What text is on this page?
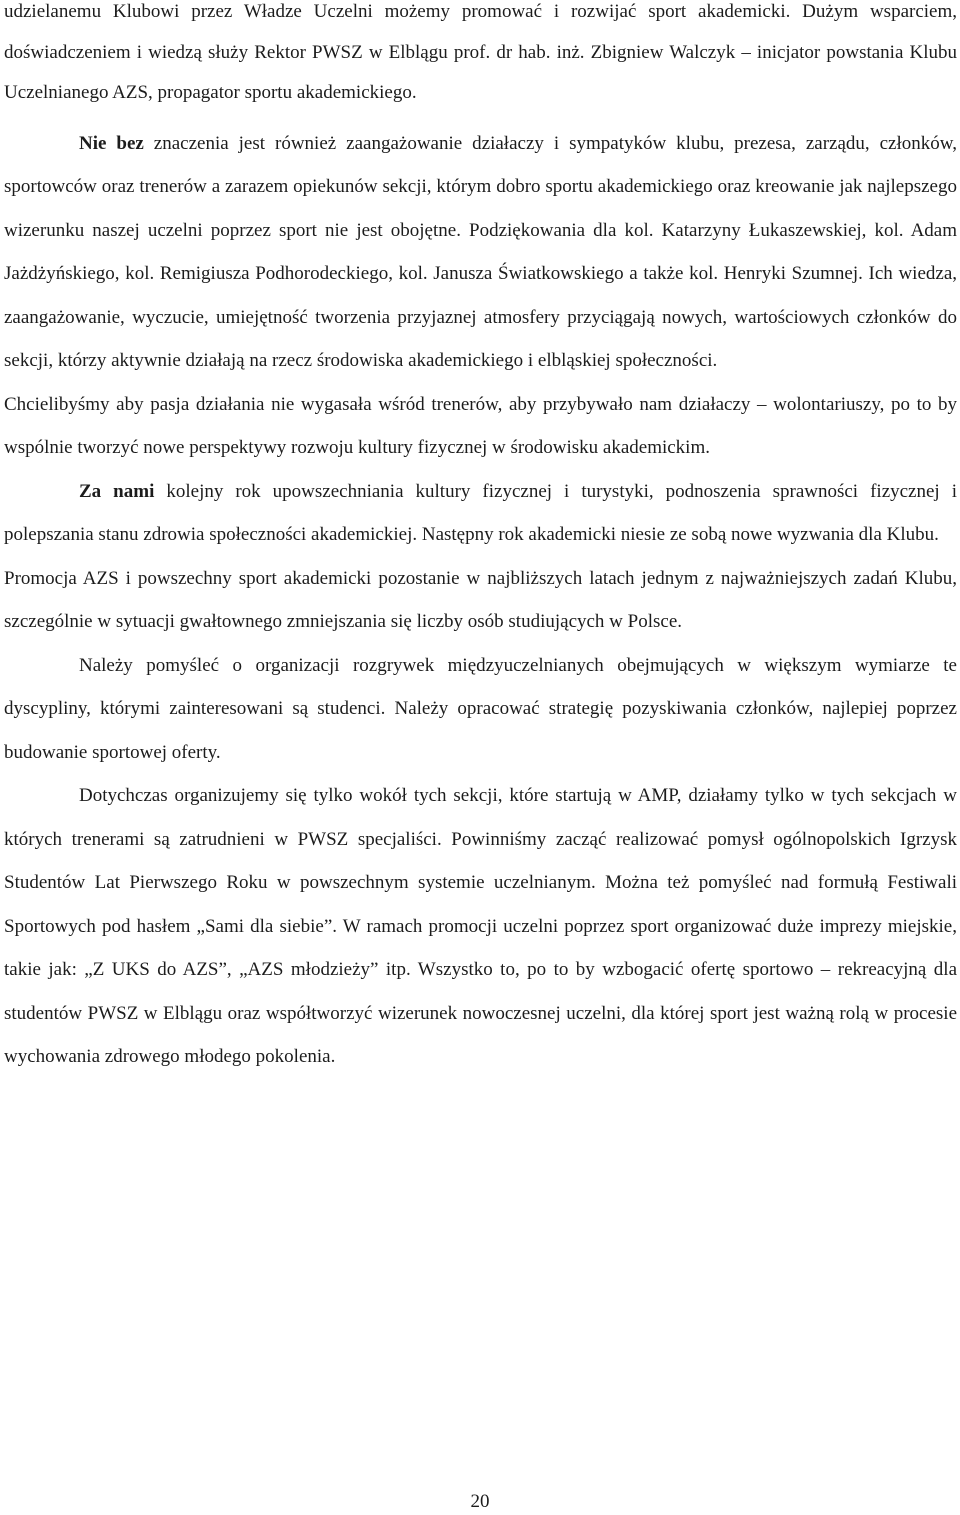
udzielanemu Klubowi przez Władze Uczelni możemy promować i rozwijać sport akademicki. Dużym wsparciem, doświadczeniem i wiedzą służy Rektor PWSZ w Elblągu prof. dr hab. inż. Zbigniew Walczyk – inicjator powstania Klubu Uczelnianego AZS, propagator sportu akademickiego.

Nie bez znaczenia jest również zaangażowanie działaczy i sympatyków klubu, prezesa, zarządu, członków, sportowców oraz trenerów a zarazem opiekunów sekcji, którym dobro sportu akademickiego oraz kreowanie jak najlepszego wizerunku naszej uczelni poprzez sport nie jest obojętne. Podziękowania dla kol. Katarzyny Łukaszewskiej, kol. Adam Jażdżyńskiego, kol. Remigiusza Podhorodeckiego, kol. Janusza Światkowskiego a także kol. Henryki Szumnej. Ich wiedza, zaangażowanie, wyczucie, umiejętność tworzenia przyjaznej atmosfery przyciągają nowych, wartościowych członków do sekcji, którzy aktywnie działają na rzecz środowiska akademickiego i elbląskiej społeczności.

Chcielibyśmy aby pasja działania nie wygasała wśród trenerów, aby przybywało nam działaczy – wolontariuszy, po to by wspólnie tworzyć nowe perspektywy rozwoju kultury fizycznej w środowisku akademickim.

Za nami kolejny rok upowszechniania kultury fizycznej i turystyki, podnoszenia sprawności fizycznej i polepszania stanu zdrowia społeczności akademickiej. Następny rok akademicki niesie ze sobą nowe wyzwania dla Klubu.

Promocja AZS i powszechny sport akademicki pozostanie w najbliższych latach jednym z najważniejszych zadań Klubu, szczególnie w sytuacji gwałtownego zmniejszania się liczby osób studiujących w Polsce.

Należy pomyśleć o organizacji rozgrywek międzyuczelnianych obejmujących w większym wymiarze te dyscypliny, którymi zainteresowani są studenci. Należy opracować strategię pozyskiwania członków, najlepiej poprzez budowanie sportowej oferty.

Dotychczas organizujemy się tylko wokół tych sekcji, które startują w AMP, działamy tylko w tych sekcjach w których trenerami są zatrudnieni w PWSZ specjaliści. Powinniśmy zacząć realizować pomysł ogólnopolskich Igrzysk Studentów Lat Pierwszego Roku w powszechnym systemie uczelnianym. Można też pomyśleć nad formułą Festiwali Sportowych pod hasłem „Sami dla siebie”. W ramach promocji uczelni poprzez sport organizować duże imprezy miejskie, takie jak: „Z UKS do AZS”, „AZS młodzieży” itp. Wszystko to, po to by wzbogacić ofertę sportowo – rekreacyjną dla studentów PWSZ w Elblągu oraz współtworzyć wizerunek nowoczesnej uczelni, dla której sport jest ważną rolą w procesie wychowania zdrowego młodego pokolenia.

20
